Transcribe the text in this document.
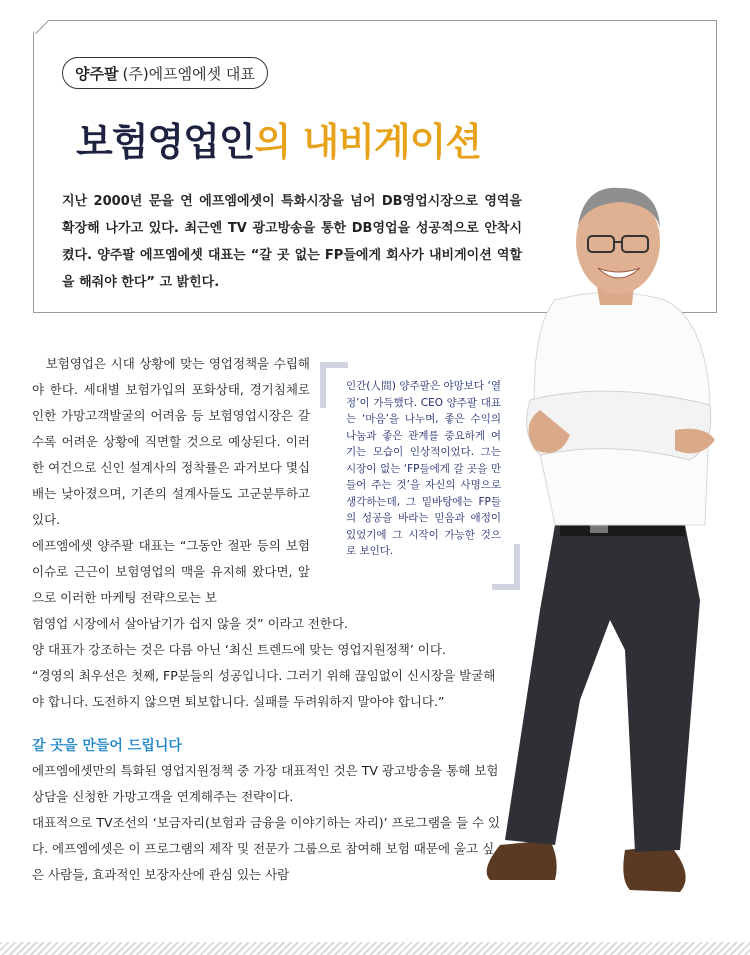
양주팔 (주)에프엠에셋 대표
보험영업인의 내비게이션
지난 2000년 문을 연 에프엠에셋이 특화시장을 넘어 DB영업시장으로 영역을 확장해 나가고 있다. 최근엔 TV 광고방송을 통한 DB영업을 성공적으로 안착시켰다. 양주팔 에프엠에셋 대표는 “갈 곳 없는 FP들에게 회사가 내비게이션 역할을 해줘야 한다” 고 밝힌다.

보험영업은 시대 상황에 맞는 영업정책을 수립해야 한다. 세대별 보험가입의 포화상태, 경기침체로 인한 가망고객발굴의 어려움 등 보험영업시장은 갈수록 어려운 상황에 직면할 것으로 예상된다. 이러한 여건으로 신인 설계사의 정착률은 과거보다 몇십 배는 낮아졌으며, 기존의 설계사들도 고군분투하고 있다.

에프엠에셋 양주팔 대표는 “그동안 절판 등의 보험이슈로 근근이 보험영업의 맥을 유지해 왔다면, 앞으로 이러한 마케팅 전략으로는 보

험영업 시장에서 살아남기가 쉽지 않을 것” 이라고 전한다.

양 대표가 강조하는 것은 다름 아닌 ‘최신 트렌드에 맞는 영업지원정책’ 이다.

“경영의 최우선은 첫째, FP분들의 성공입니다. 그러기 위해 끊임없이 신시장을 발굴해야 합니다. 도전하지 않으면 퇴보합니다. 실패를 두려워하지 말아야 합니다.”

인간(人間) 양주팔은 야망보다 ‘열정’이 가득했다. CEO 양주팔 대표는 ‘마음’을 나누며, 좋은 수익의 나눔과 좋은 관계를 중요하게 여기는 모습이 인상적이었다. 그는 시장이 없는 ‘FP들에게 갈 곳을 만들어 주는 것’을 자신의 사명으로 생각하는데, 그 밑바탕에는 FP들의 성공을 바라는 믿음과 애정이 있었기에 그 시작이 가능한 것으로 보인다.
갈 곳을 만들어 드립니다

에프엠에셋만의 특화된 영업지원정책 중 가장 대표적인 것은 TV 광고방송을 통해 보험상담을 신청한 가망고객을 연계해주는 전략이다.

대표적으로 TV조선의 ‘보금자리(보험과 금융을 이야기하는 자리)’ 프로그램을 들 수 있다. 에프엠에셋은 이 프로그램의 제작 및 전문가 그룹으로 참여해 보험 때문에 울고 싶은 사람들, 효과적인 보장자산에 관심 있는 사람
